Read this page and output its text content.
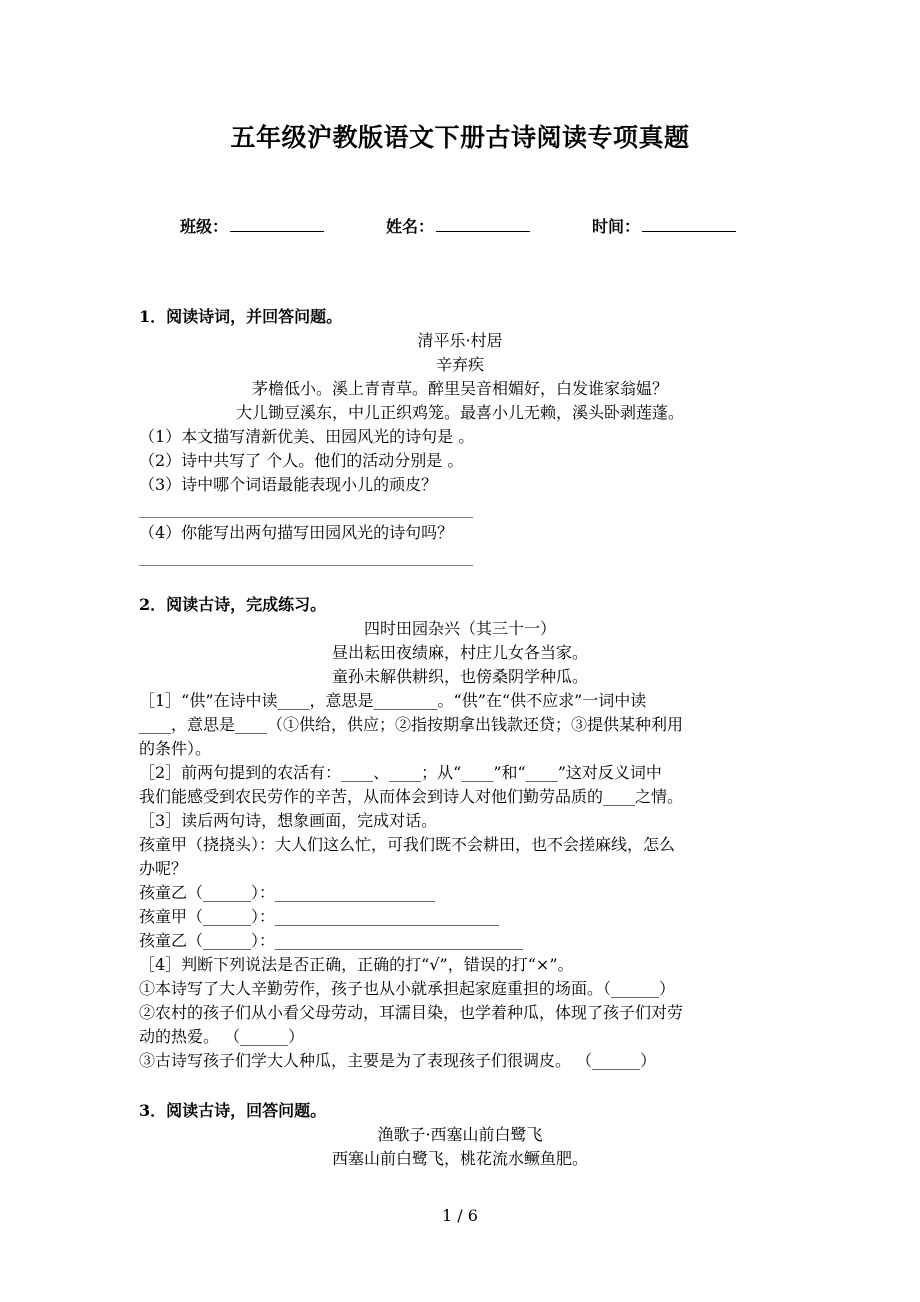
五年级沪教版语文下册古诗阅读专项真题
班级：	姓名：	时间：
1．阅读诗词，并回答问题。
清平乐·村居
辛弃疾
茅檐低小。溪上青青草。醉里吴音相媚好，白发谁家翁媪？
大儿锄豆溪东，中儿正织鸡笼。最喜小儿无赖，溪头卧剥莲蓬。
（1）本文描写清新优美、田园风光的诗句是 。
（2）诗中共写了 个人。他们的活动分别是 。
（3）诗中哪个词语最能表现小儿的顽皮？
（4）你能写出两句描写田园风光的诗句吗？
2．阅读古诗，完成练习。
四时田园杂兴（其三十一）
昼出耘田夜绩麻，村庄儿女各当家。
童孙未解供耕织，也傍桑阴学种瓜。
［1］“供”在诗中读____，意思是________。“供”在“供不应求”一词中读
____，意思是____（①供给，供应；②指按期拿出钱款还贷；③提供某种利用
的条件）。
［2］前两句提到的农活有：____、____；从“____”和“____”这对反义词中
我们能感受到农民劳作的辛苦，从而体会到诗人对他们勤劳品质的____之情。
［3］读后两句诗，想象画面，完成对话。
孩童甲（挠挠头）：大人们这么忙，可我们既不会耕田，也不会搓麻线，怎么
办呢？
孩童乙（______）：____________________
孩童甲（______）：____________________________
孩童乙（______）：_______________________________
［4］判断下列说法是否正确，正确的打“√”，错误的打“×”。
①本诗写了大人辛勤劳作，孩子也从小就承担起家庭重担的场面。（______）
②农村的孩子们从小看父母劳动，耳濡目染，也学着种瓜，体现了孩子们对劳
动的热爱。 （______）
③古诗写孩子们学大人种瓜，主要是为了表现孩子们很调皮。 （______）
3．阅读古诗，回答问题。
渔歌子·西塞山前白鹭飞
西塞山前白鹭飞，桃花流水鳜鱼肥。
1 / 6
